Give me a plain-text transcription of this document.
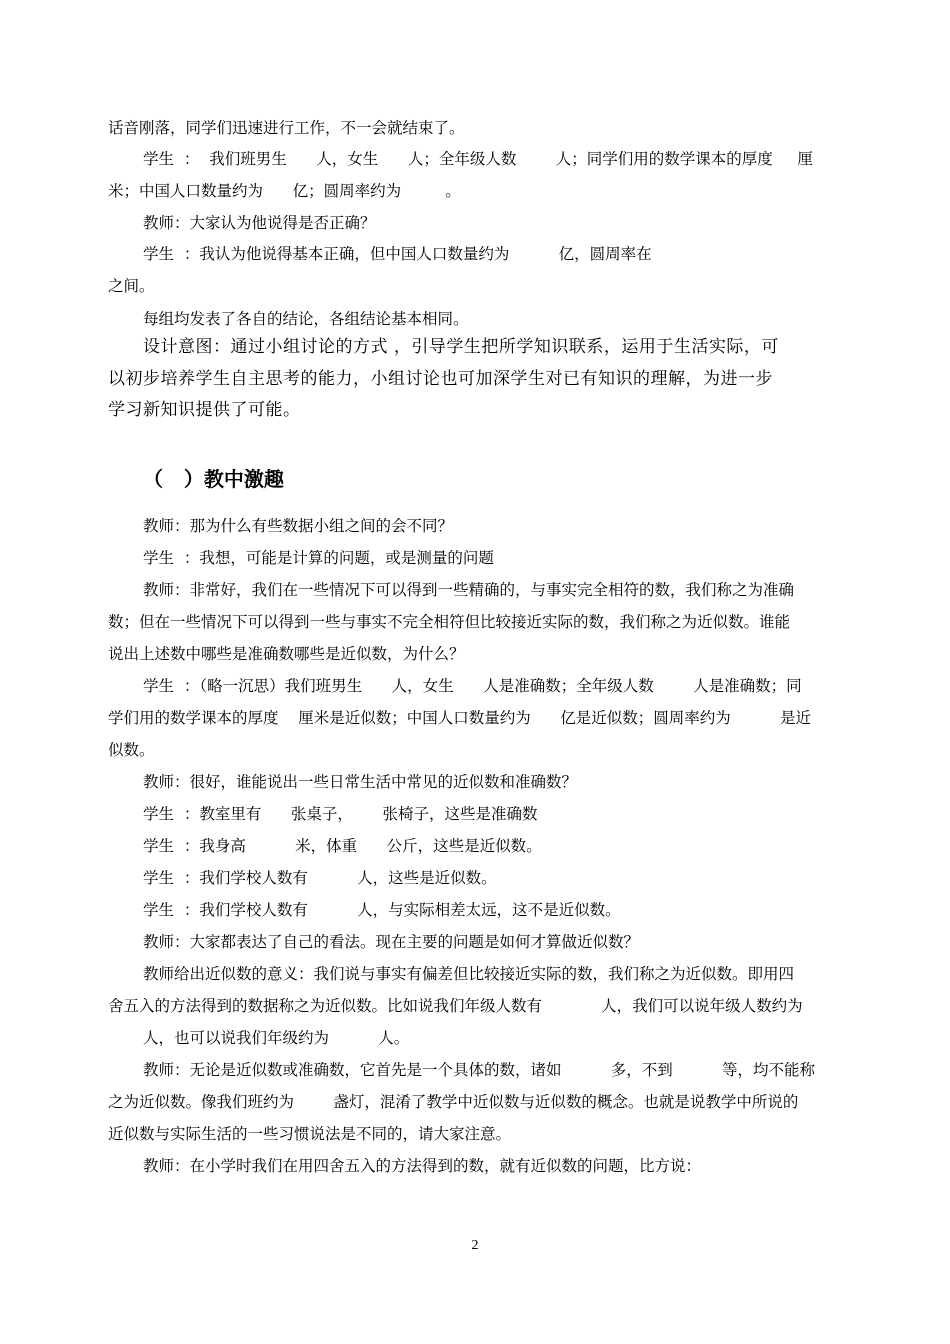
话音刚落，同学们迅速进行工作，不一会就结束了。

学生  ：  我们班男生      人，女生      人；全年级人数        人；同学们用的数学课本的厚度     厘

米；中国人口数量约为      亿；圆周率约为         。

教师：大家认为他说得是否正确？

学生  ：我认为他说得基本正确，但中国人口数量约为          亿，圆周率在

之间。

每组均发表了各自的结论，各组结论基本相同。

设计意图：通过小组讨论的方式 ，引导学生把所学知识联系，运用于生活实际，可

以初步培养学生自主思考的能力，小组讨论也可加深学生对已有知识的理解，为进一步

学习新知识提供了可能。

（   ）教中激趣

教师：那为什么有些数据小组之间的会不同？

学生  ：我想，可能是计算的问题，或是测量的问题

教师：非常好，我们在一些情况下可以得到一些精确的，与事实完全相符的数，我们称之为准确

数；但在一些情况下可以得到一些与事实不完全相符但比较接近实际的数，我们称之为近似数。谁能

说出上述数中哪些是准确数哪些是近似数，为什么？

学生  ：（略一沉思）我们班男生      人，女生      人是准确数；全年级人数        人是准确数；同

学们用的数学课本的厚度    厘米是近似数；中国人口数量约为      亿是近似数；圆周率约为          是近

似数。

教师：很好，谁能说出一些日常生活中常见的近似数和准确数？

学生  ：教室里有      张桌子，      张椅子，这些是准确数

学生  ：我身高          米，体重      公斤，这些是近似数。

学生  ：我们学校人数有          人，这些是近似数。

学生  ：我们学校人数有          人，与实际相差太远，这不是近似数。

教师：大家都表达了自己的看法。现在主要的问题是如何才算做近似数？

教师给出近似数的意义：我们说与事实有偏差但比较接近实际的数，我们称之为近似数。即用四

舍五入的方法得到的数据称之为近似数。比如说我们年级人数有            人，我们可以说年级人数约为

人，也可以说我们年级约为          人。

教师：无论是近似数或准确数，它首先是一个具体的数，诸如          多，不到          等，均不能称

之为近似数。像我们班约为        盏灯，混淆了教学中近似数与近似数的概念。也就是说教学中所说的

近似数与实际生活的一些习惯说法是不同的，请大家注意。

教师：在小学时我们在用四舍五入的方法得到的数，就有近似数的问题，比方说：

2
